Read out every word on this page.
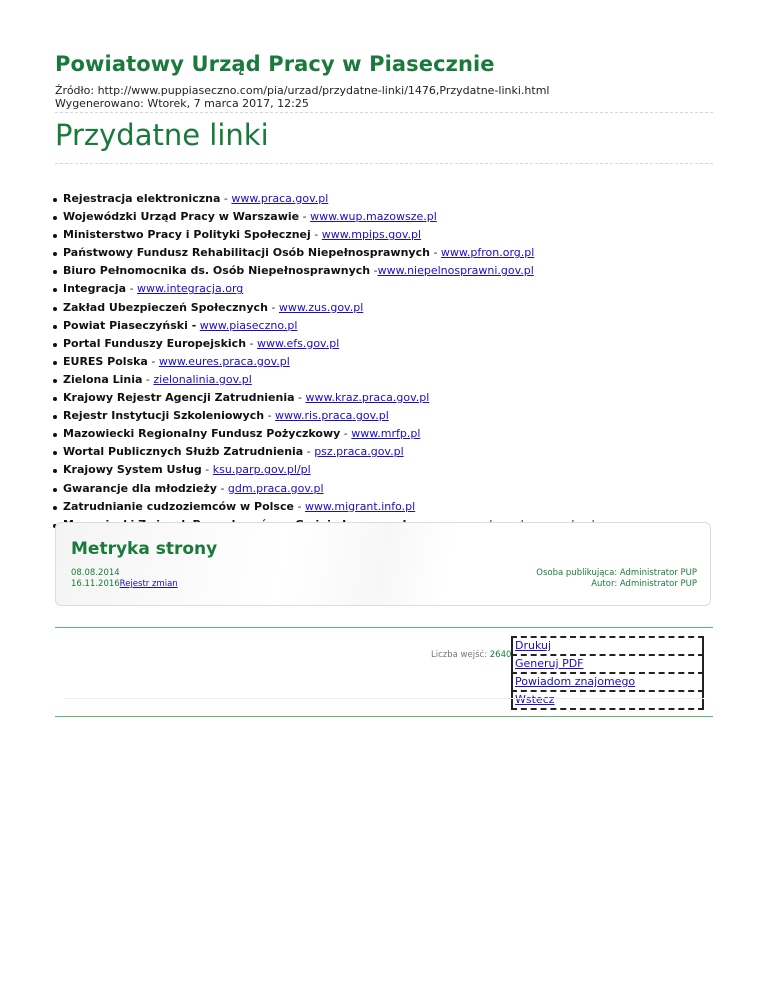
Powiatowy Urząd Pracy w Piasecznie
Źródło: http://www.puppiaseczno.com/pia/urzad/przydatne-linki/1476,Przydatne-linki.html
Wygenerowano: Wtorek, 7 marca 2017, 12:25
Przydatne linki
Rejestracja elektroniczna - www.praca.gov.pl
Wojewódzki Urząd Pracy w Warszawie - www.wup.mazowsze.pl
Ministerstwo Pracy i Polityki Społecznej - www.mpips.gov.pl
Państwowy Fundusz Rehabilitacji Osób Niepełnosprawnych - www.pfron.org.pl
Biuro Pełnomocnika ds. Osób Niepełnosprawnych -www.niepelnosprawni.gov.pl
Integracja - www.integracja.org
Zakład Ubezpieczeń Społecznych - www.zus.gov.pl
Powiat Piaseczyński - www.piaseczno.pl
Portal Funduszy Europejskich - www.efs.gov.pl
EURES Polska - www.eures.praca.gov.pl
Zielona Linia - zielonalinia.gov.pl
Krajowy Rejestr Agencji Zatrudnienia - www.kraz.praca.gov.pl
Rejestr Instytucji Szkoleniowych - www.ris.praca.gov.pl
Mazowiecki Regionalny Fundusz Pożyczkowy - www.mrfp.pl
Wortal Publicznych Służb Zatrudnienia - psz.praca.gov.pl
Krajowy System Usług - ksu.parp.gov.pl/pl
Gwarancje dla młodzieży - gdm.praca.gov.pl
Zatrudnianie cudzoziemców w Polsce - www.migrant.info.pl
Metryka strony
08.08.2014
16.11.2016Rejestr zmian
Osoba publikująca: Administrator PUP
Autor: Administrator PUP
Liczba wejść: 2640
Drukuj
Generuj PDF
Powiadom znajomego
Wstecz
